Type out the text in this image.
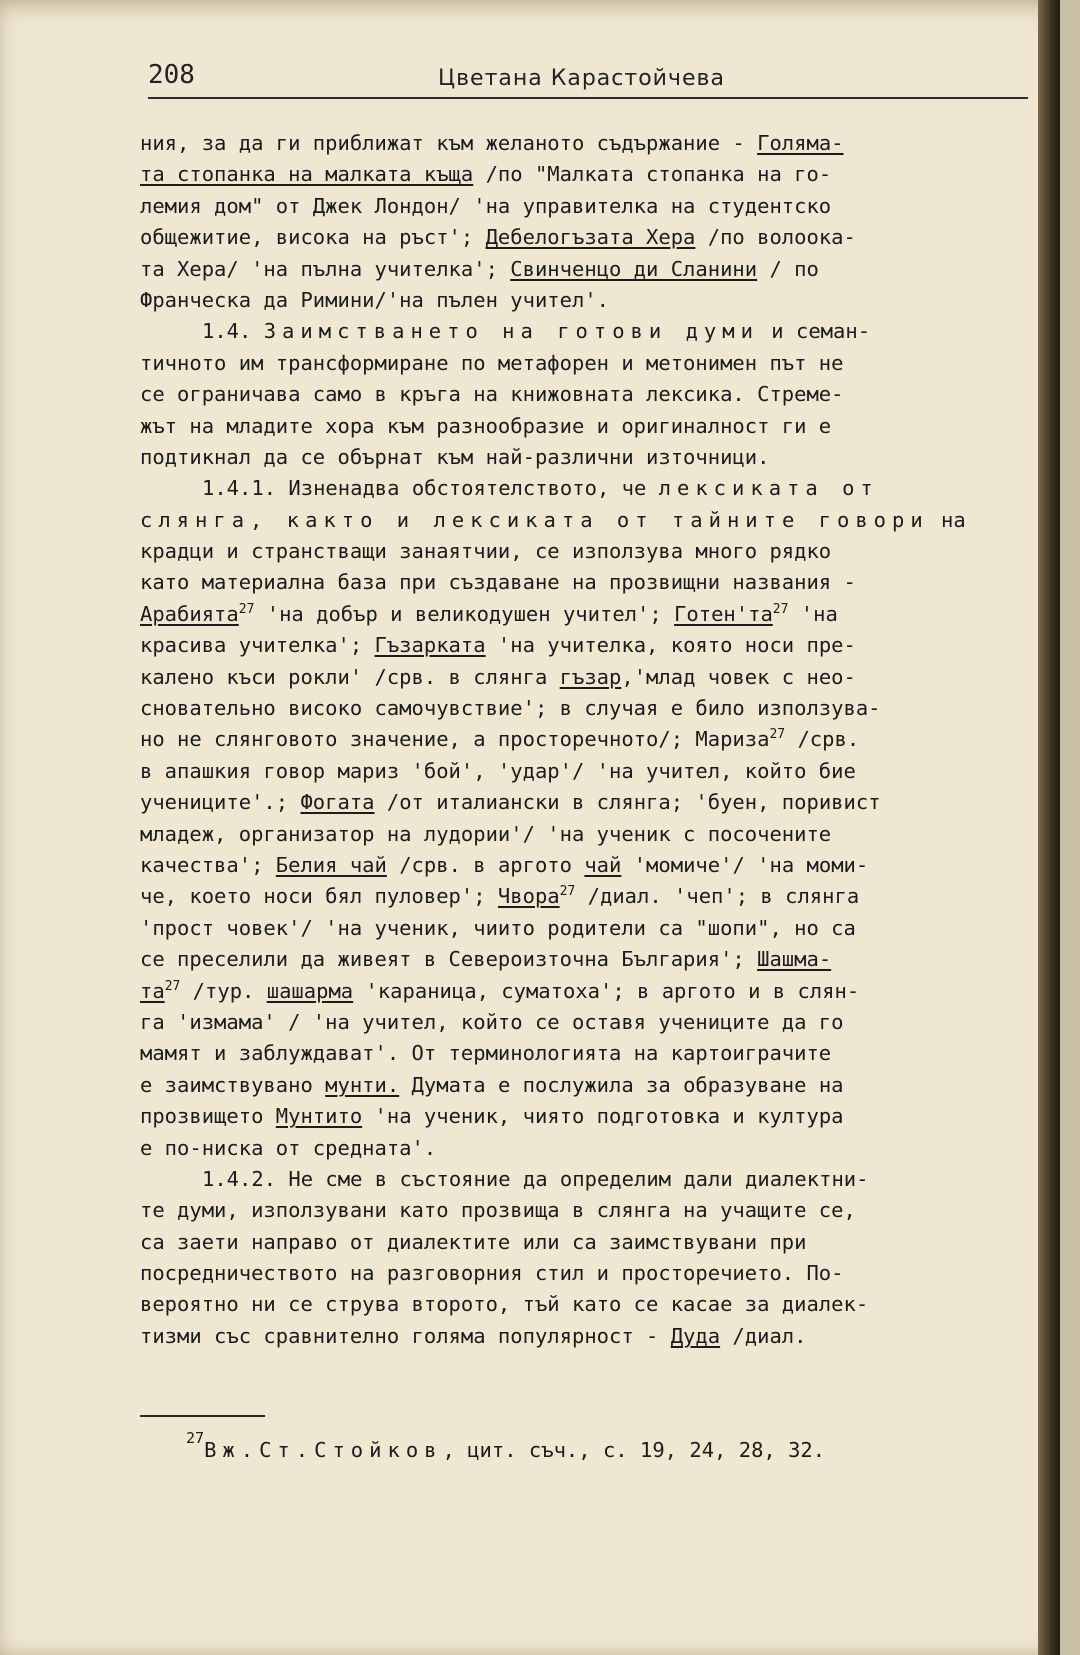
208	Цветана Карастойчева
ния, за да ги приближат към желаното съдържание - Голяма-
та стопанка на малката къща /по "Малката стопанка на го-
лемия дом" от Джек Лондон/ 'на управителка на студентско
общежитие, висока на ръст'; Дебелогъзата Хера /по волоока-
та Хера/ 'на пълна учителка'; Свинченцо ди Сланини / по
Франческа да Римини/'на пълен учител'.
1.4. Заимстването на готови думи и семан-
тичното им трансформиране по метафорен и метонимен път не
се ограничава само в кръга на книжовната лексика. Стреме-
жът на младите хора към разнообразие и оригиналност ги е
подтикнал да се обърнат към най-различни източници.
1.4.1. Изненадва обстоятелството, че лексиката от
слянга, както и лексиката от тайните говори на
крадци и странстващи занаятчии, се използува много рядко
като материална база при създаване на прозвищни названия -
Арабията$^{27}$ 'на добър и великодушен учител'; $Готен'та^{27}$ 'на
красива учителка'; Гъзарката 'на учителка, която носи пре-
калено къси рокли' /срв. в слянга гъзар,'млад човек с нео-
сновательно високо самочувствие'; в случая е било използува-
но не слянговото значение, а просторечното/; Мариза$^{27}$ /срв.
в апашкия говор мариз 'бой', 'удар'/ 'на учител, който бие
учениците'.; Фогата /от италиански в слянга; 'буен, поривист
младеж, организатор на лудории'/ 'на ученик с посочените
качества'; Белия чай /срв. в аргото чай 'момиче'/ 'на моми-
че, което носи бял пуловер'; Чвора$^{27}$ /диал. 'чеп'; в слянга
'прост човек'/ 'на ученик, чиито родители са "шопи", но са
се преселили да живеят в Североизточна България'; Шашма-
$та^{27}$ /тур. шашарма 'караница, суматоха'; в аргото и в слян-
га 'измама' / 'на учител, който се оставя учениците да го
мамят и заблуждават'. От терминологията на картоиграчите
е заимствувано мунти. Думата е послужила за образуване на
прозвището Мунтито 'на ученик, чиято подготовка и култура
е по-ниска от средната'.
1.4.2. Не сме в състояние да определим дали диалектни-
те думи, използувани като прозвища в слянга на учащите се,
са заети направо от диалектите или са заимствувани при
посредничеството на разговорния стил и просторечието. По-
вероятно ни се струва второто, тъй като се касае за диалек-
тизми със сравнително голяма популярност - Дуда /диал.
$^{27}$Вж.Ст.Стойков, цит. съч., с. 19, 24, 28, 32.
